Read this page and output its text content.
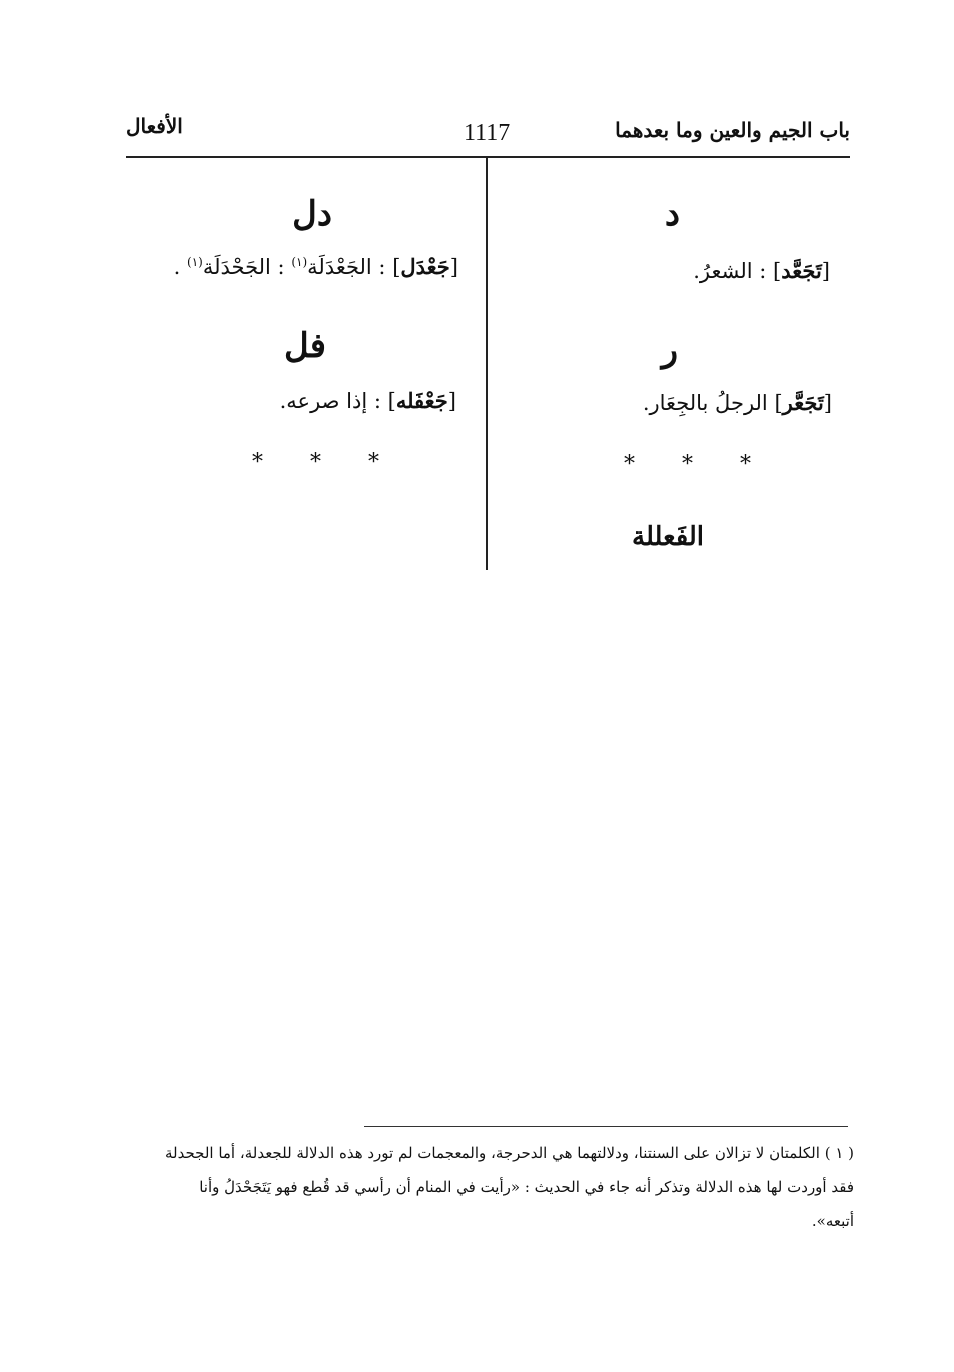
باب الجيم والعين وما بعدهما
1117
الأفعال
د
[تَجَعَّد] : الشعرُ.
ر
[تَجَعَّر] الرجلُ بالجِعَار.
* * *
الفَعللة
دل
[جَعْدَل] : الجَعْدَلَة$^{(١)}$ : الجَحْدَلَة$^{(١)}$ .
فل
[جَعْفَله] : إذا صرعه.
* * *

( ١ ) الكلمتان لا تزالان على السنتنا، ودلالتهما هي الدحرجة، والمعجمات لم تورد هذه الدلالة للجعدلة، أما الجحدلة

فقد أوردت لها هذه الدلالة وتذكر أنه جاء في الحديث : «رأيت في المنام أن رأسي قد قُطع فهو يَتَجَحْدَلُ وأنا

أتبعه».
